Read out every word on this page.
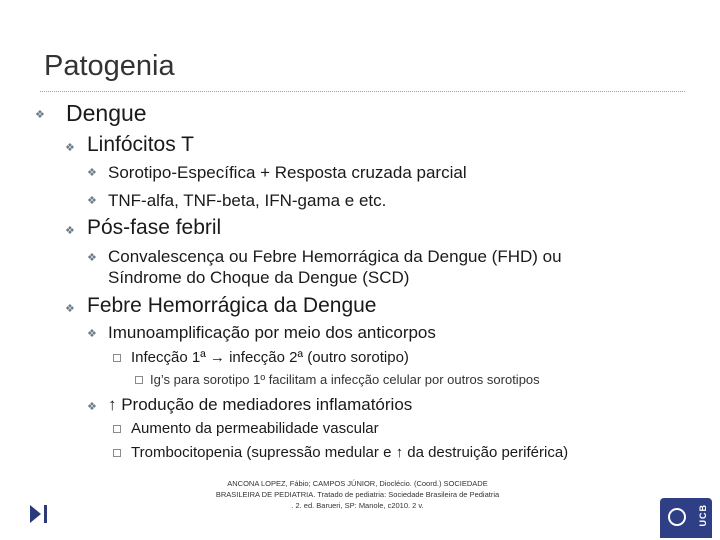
Patogenia
❖ Dengue
❖ Linfócitos T
❖ Sorotipo-Específica + Resposta cruzada parcial
❖ TNF-alfa, TNF-beta, IFN-gama e etc.
❖ Pós-fase febril
❖ Convalescença ou Febre Hemorrágica da Dengue (FHD) ou
Síndrome do Choque da Dengue (SCD)
❖ Febre Hemorrágica da Dengue
❖ Imunoamplificação por meio dos anticorpos
Infecção 1ª → infecção 2ª (outro sorotipo)
Ig’s para sorotipo 1º facilitam a infecção celular por outros sorotipos
❖ ↑ Produção de mediadores inflamatórios
Aumento da permeabilidade vascular
Trombocitopenia (supressão medular e ↑ da destruição periférica)
ANCONA LOPEZ, Fábio; CAMPOS JÚNIOR, Dioclécio. (Coord.) SOCIEDADE
BRASILEIRA DE PEDIATRIA. Tratado de pediatria: Sociedade Brasileira de Pediatria
. 2. ed. Barueri, SP: Manole, c2010. 2 v.	UCB
